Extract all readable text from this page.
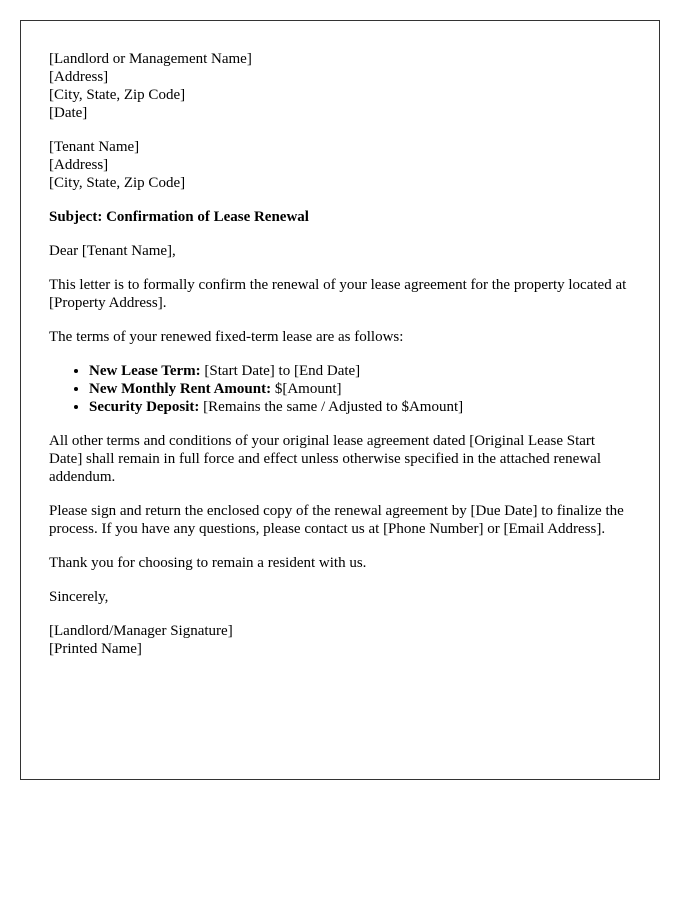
[Landlord or Management Name]
[Address]
[City, State, Zip Code]
[Date]
[Tenant Name]
[Address]
[City, State, Zip Code]

Subject: Confirmation of Lease Renewal

Dear [Tenant Name],

This letter is to formally confirm the renewal of your lease agreement for the property located at [Property Address].

The terms of your renewed fixed-term lease are as follows:

• New Lease Term: [Start Date] to [End Date]
• New Monthly Rent Amount: $[Amount]
• Security Deposit: [Remains the same / Adjusted to $Amount]

All other terms and conditions of your original lease agreement dated [Original Lease Start Date] shall remain in full force and effect unless otherwise specified in the attached renewal addendum.

Please sign and return the enclosed copy of the renewal agreement by [Due Date] to finalize the process. If you have any questions, please contact us at [Phone Number] or [Email Address].

Thank you for choosing to remain a resident with us.

Sincerely,

[Landlord/Manager Signature]
[Printed Name]
